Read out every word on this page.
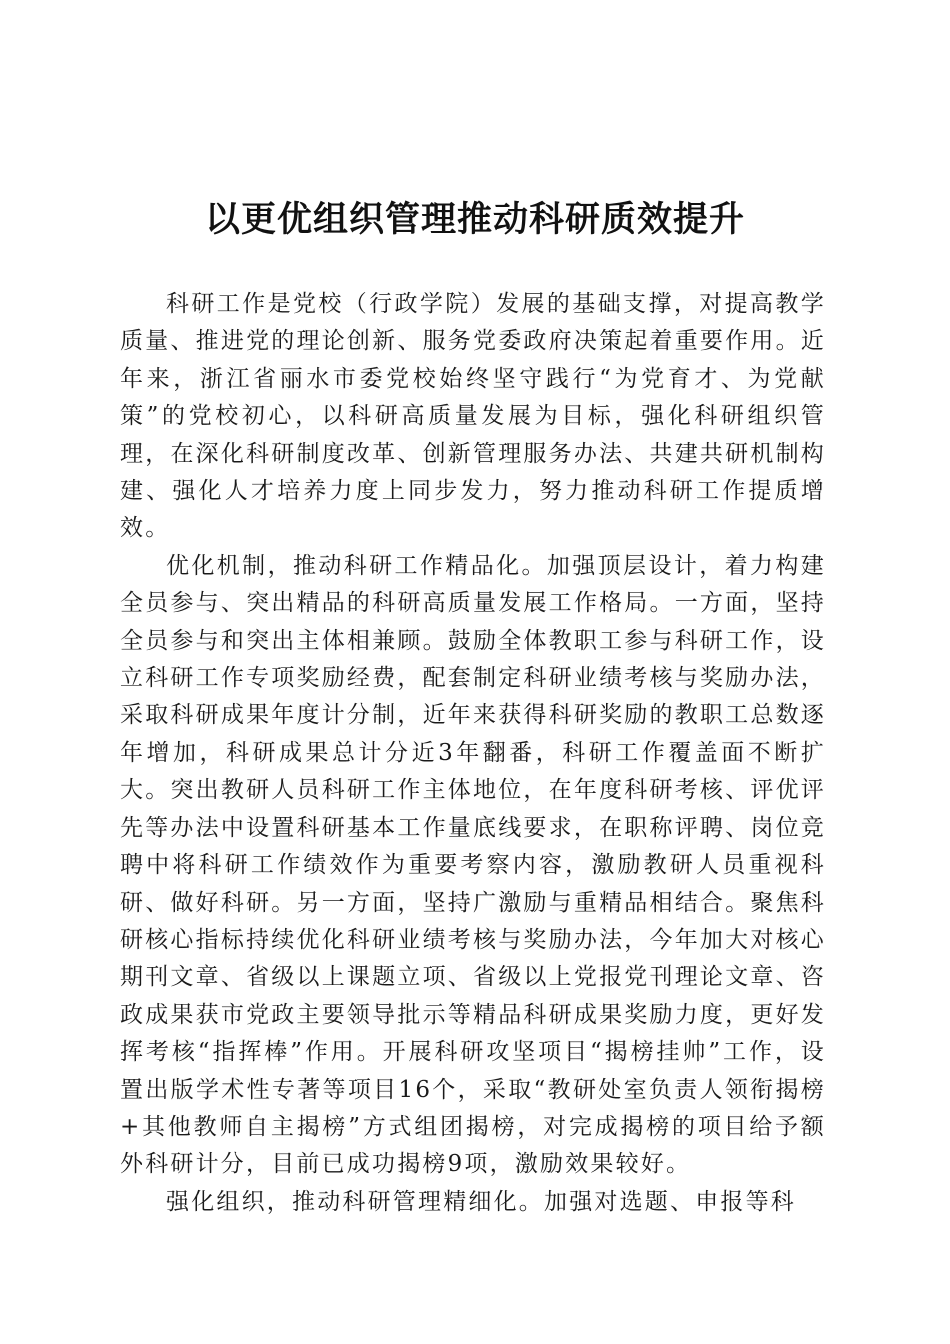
以更优组织管理推动科研质效提升

科研工作是党校（行政学院）发展的基础支撑，对提高教学质量、推进党的理论创新、服务党委政府决策起着重要作用。近年来，浙江省丽水市委党校始终坚守践行“为党育才、为党献策”的党校初心，以科研高质量发展为目标，强化科研组织管理，在深化科研制度改革、创新管理服务办法、共建共研机制构建、强化人才培养力度上同步发力，努力推动科研工作提质增效。

优化机制，推动科研工作精品化。加强顶层设计，着力构建全员参与、突出精品的科研高质量发展工作格局。一方面，坚持全员参与和突出主体相兼顾。鼓励全体教职工参与科研工作，设立科研工作专项奖励经费，配套制定科研业绩考核与奖励办法，采取科研成果年度计分制，近年来获得科研奖励的教职工总数逐年增加，科研成果总计分近3年翻番，科研工作覆盖面不断扩大。突出教研人员科研工作主体地位，在年度科研考核、评优评先等办法中设置科研基本工作量底线要求，在职称评聘、岗位竞聘中将科研工作绩效作为重要考察内容，激励教研人员重视科研、做好科研。另一方面，坚持广激励与重精品相结合。聚焦科研核心指标持续优化科研业绩考核与奖励办法，今年加大对核心期刊文章、省级以上课题立项、省级以上党报党刊理论文章、咨政成果获市党政主要领导批示等精品科研成果奖励力度，更好发挥考核“指挥棒”作用。开展科研攻坚项目“揭榜挂帅”工作，设置出版学术性专著等项目16个，采取“教研处室负责人领衔揭榜+其他教师自主揭榜”方式组团揭榜，对完成揭榜的项目给予额外科研计分，目前已成功揭榜9项，激励效果较好。

强化组织，推动科研管理精细化。加强对选题、申报等科
